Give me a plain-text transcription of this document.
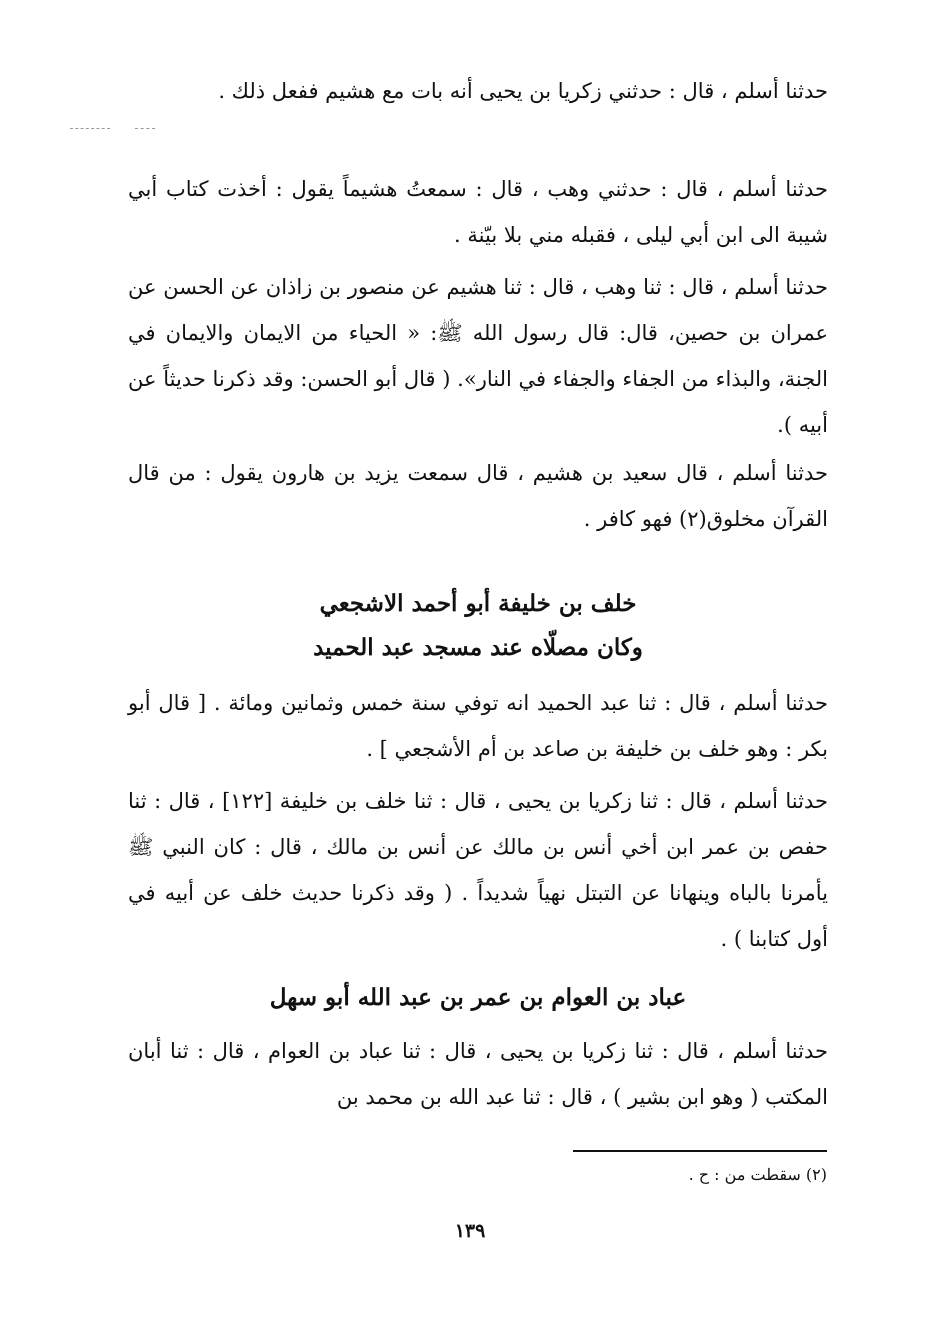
حدثنا أسلم ، قال : حدثني زكريا بن يحيى أنه بات مع هشيم ففعل ذلك .

حدثنا أسلم ، قال : حدثني وهب ، قال : سمعتُ هشيماً يقول : أخذت كتاب أبي شيبة الى ابن أبي ليلى ، فقبله مني بلا بيّنة .

حدثنا أسلم ، قال : ثنا وهب ، قال : ثنا هشيم عن منصور بن زاذان عن الحسن عن عمران بن حصين، قال: قال رسول الله ﷺ: « الحياء من الايمان والايمان في الجنة، والبذاء من الجفاء والجفاء في النار». ( قال أبو الحسن: وقد ذكرنا حديثاً عن أبيه ).

حدثنا أسلم ، قال سعيد بن هشيم ، قال سمعت يزيد بن هارون يقول : من قال القرآن مخلوق(٢) فهو كافر .

خلف بن خليفة أبو أحمد الاشجعي
وكان مصلّاه عند مسجد عبد الحميد

حدثنا أسلم ، قال : ثنا عبد الحميد انه توفي سنة خمس وثمانين ومائة . [ قال أبو بكر : وهو خلف بن خليفة بن صاعد بن أم الأشجعي ] .

حدثنا أسلم ، قال : ثنا زكريا بن يحيى ، قال : ثنا خلف بن خليفة [١٢٢] ، قال : ثنا حفص بن عمر ابن أخي أنس بن مالك عن أنس بن مالك ، قال : كان النبي ﷺ يأمرنا بالباه وينهانا عن التبتل نهياً شديداً . ( وقد ذكرنا حديث خلف عن أبيه في أول كتابنا ) .

عباد بن العوام بن عمر بن عبد الله أبو سهل

حدثنا أسلم ، قال : ثنا زكريا بن يحيى ، قال : ثنا عباد بن العوام ، قال : ثنا أبان المكتب ( وهو ابن بشير ) ، قال : ثنا عبد الله بن محمد بن

(٢) سقطت من : ح .
١٣٩
